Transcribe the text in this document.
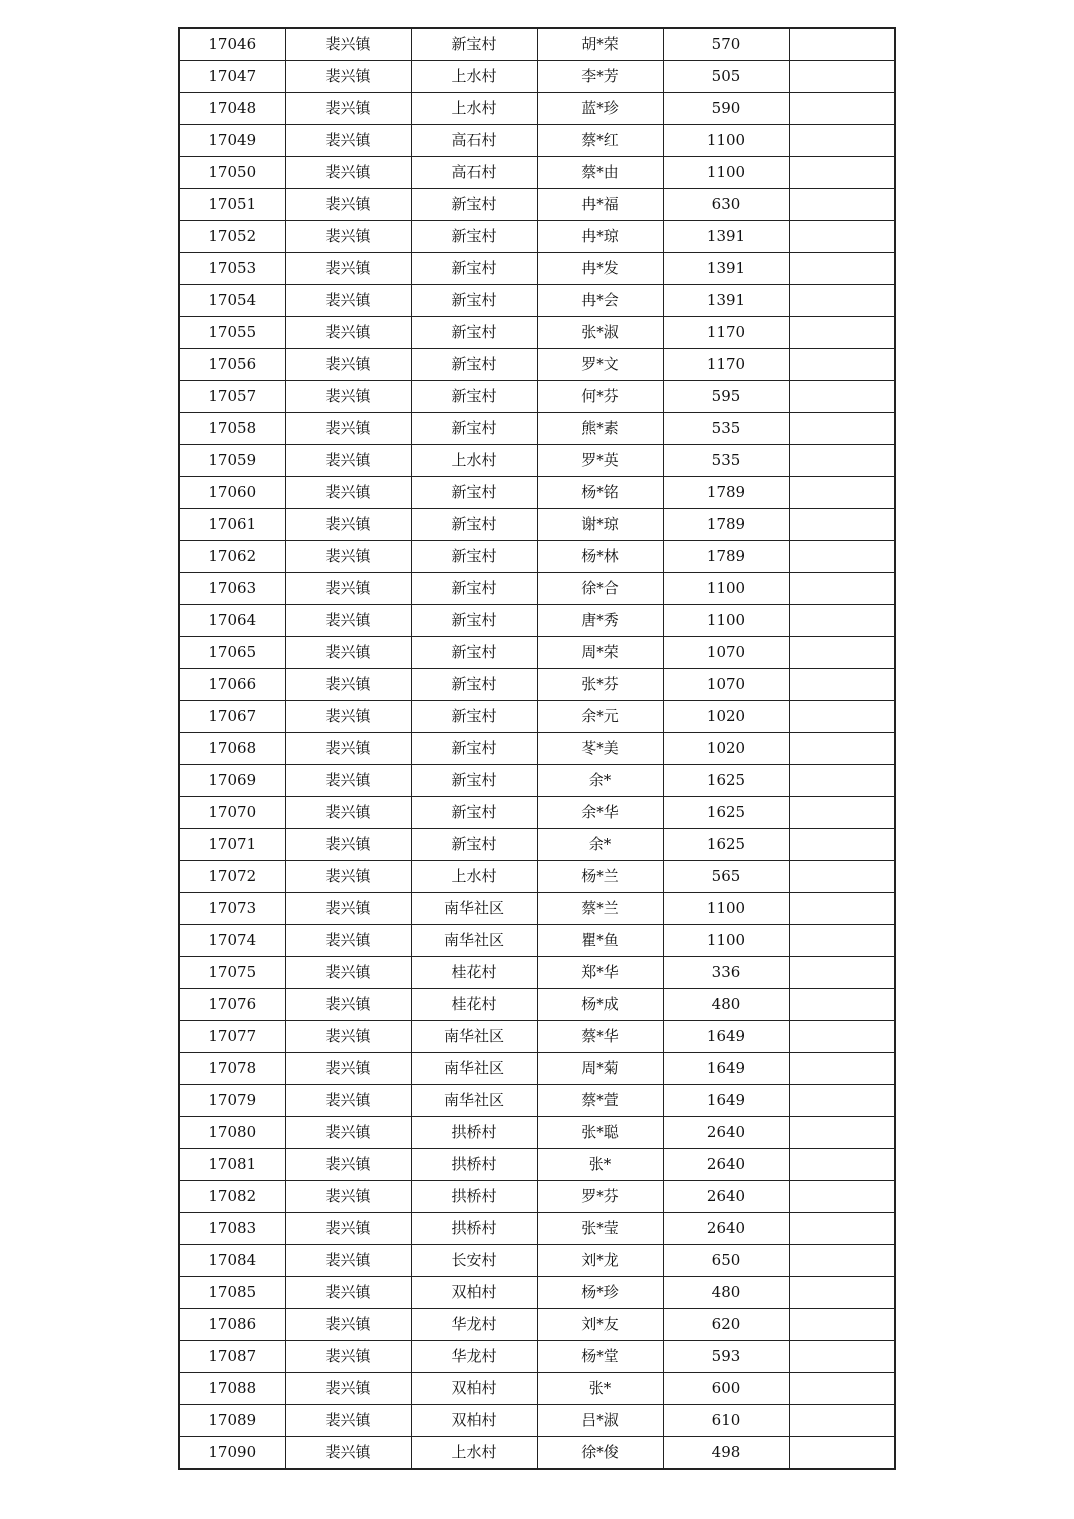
17046	裴兴镇	新宝村	胡*荣	570	
17047	裴兴镇	上水村	李*芳	505	
17048	裴兴镇	上水村	蓝*珍	590	
17049	裴兴镇	高石村	蔡*红	1100	
17050	裴兴镇	高石村	蔡*由	1100	
17051	裴兴镇	新宝村	冉*福	630	
17052	裴兴镇	新宝村	冉*琼	1391	
17053	裴兴镇	新宝村	冉*发	1391	
17054	裴兴镇	新宝村	冉*会	1391	
17055	裴兴镇	新宝村	张*淑	1170	
17056	裴兴镇	新宝村	罗*文	1170	
17057	裴兴镇	新宝村	何*芬	595	
17058	裴兴镇	新宝村	熊*素	535	
17059	裴兴镇	上水村	罗*英	535	
17060	裴兴镇	新宝村	杨*铭	1789	
17061	裴兴镇	新宝村	谢*琼	1789	
17062	裴兴镇	新宝村	杨*林	1789	
17063	裴兴镇	新宝村	徐*合	1100	
17064	裴兴镇	新宝村	唐*秀	1100	
17065	裴兴镇	新宝村	周*荣	1070	
17066	裴兴镇	新宝村	张*芬	1070	
17067	裴兴镇	新宝村	余*元	1020	
17068	裴兴镇	新宝村	苳*美	1020	
17069	裴兴镇	新宝村	余*	1625	
17070	裴兴镇	新宝村	余*华	1625	
17071	裴兴镇	新宝村	余*	1625	
17072	裴兴镇	上水村	杨*兰	565	
17073	裴兴镇	南华社区	蔡*兰	1100	
17074	裴兴镇	南华社区	瞿*鱼	1100	
17075	裴兴镇	桂花村	郑*华	336	
17076	裴兴镇	桂花村	杨*成	480	
17077	裴兴镇	南华社区	蔡*华	1649	
17078	裴兴镇	南华社区	周*菊	1649	
17079	裴兴镇	南华社区	蔡*萱	1649	
17080	裴兴镇	拱桥村	张*聪	2640	
17081	裴兴镇	拱桥村	张*	2640	
17082	裴兴镇	拱桥村	罗*芬	2640	
17083	裴兴镇	拱桥村	张*莹	2640	
17084	裴兴镇	长安村	刘*龙	650	
17085	裴兴镇	双柏村	杨*珍	480	
17086	裴兴镇	华龙村	刘*友	620	
17087	裴兴镇	华龙村	杨*堂	593	
17088	裴兴镇	双柏村	张*	600	
17089	裴兴镇	双柏村	吕*淑	610	
17090	裴兴镇	上水村	徐*俊	498	
